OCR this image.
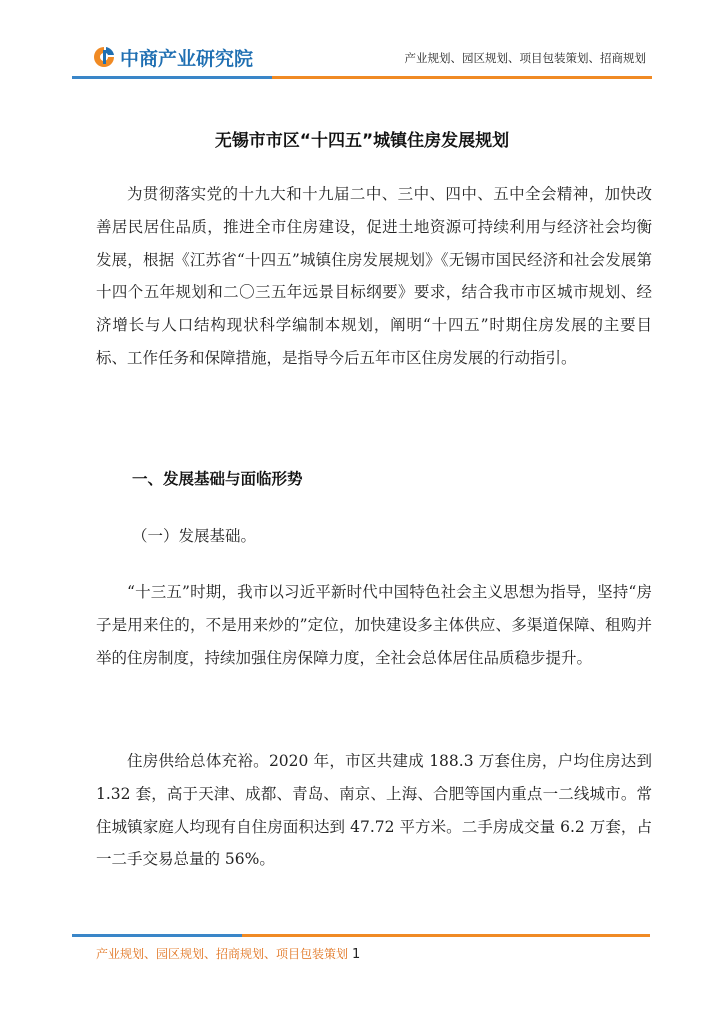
中商产业研究院	产业规划、园区规划、项目包装策划、招商规划
无锡市市区“十四五”城镇住房发展规划

为贯彻落实党的十九大和十九届二中、三中、四中、五中全会精神，加快改善居民居住品质，推进全市住房建设，促进土地资源可持续利用与经济社会均衡发展，根据《江苏省“十四五”城镇住房发展规划》《无锡市国民经济和社会发展第十四个五年规划和二〇三五年远景目标纲要》要求，结合我市市区城市规划、经济增长与人口结构现状科学编制本规划，阐明“十四五”时期住房发展的主要目标、工作任务和保障措施，是指导今后五年市区住房发展的行动指引。

一、发展基础与面临形势
（一）发展基础。

“十三五”时期，我市以习近平新时代中国特色社会主义思想为指导，坚持“房子是用来住的，不是用来炒的”定位，加快建设多主体供应、多渠道保障、租购并举的住房制度，持续加强住房保障力度，全社会总体居住品质稳步提升。

住房供给总体充裕。2020 年，市区共建成 188.3 万套住房，户均住房达到 1.32 套，高于天津、成都、青岛、南京、上海、合肥等国内重点一二线城市。常住城镇家庭人均现有自住房面积达到 47.72 平方米。二手房成交量 6.2 万套，占一二手交易总量的 56%。

产业规划、园区规划、招商规划、项目包装策划 1
